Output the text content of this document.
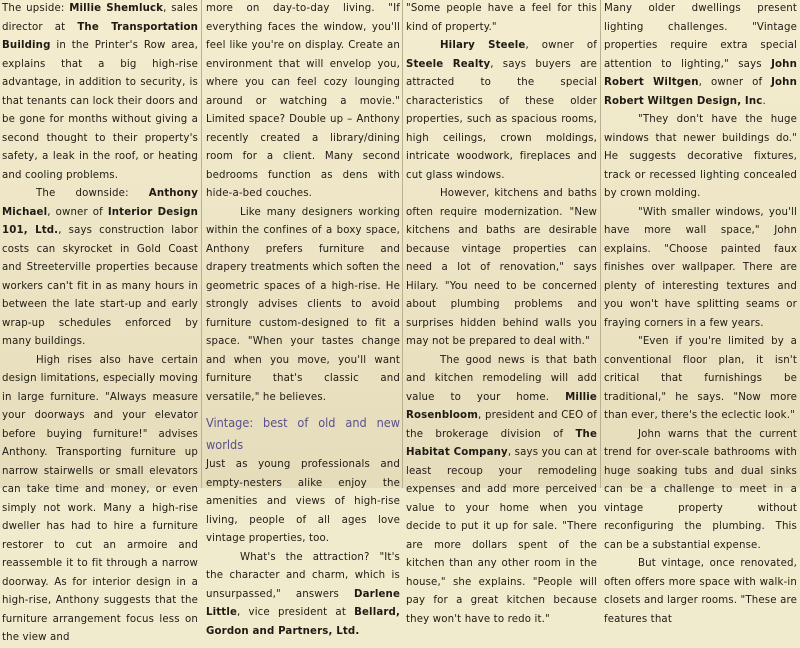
The upside: Millie Shemluck, sales director at The Transportation Building in the Printer's Row area, explains that a big high-rise advantage, in addition to security, is that tenants can lock their doors and be gone for months without giving a second thought to their property's safety, a leak in the roof, or heating and cooling problems.

The downside: Anthony Michael, owner of Interior Design 101, Ltd., says construction labor costs can skyrocket in Gold Coast and Streeterville properties because workers can't fit in as many hours in between the late start-up and early wrap-up schedules enforced by many buildings.

High rises also have certain design limitations, especially moving in large furniture. "Always measure your doorways and your elevator before buying furniture!" advises Anthony. Transporting furniture up narrow stairwells or small elevators can take time and money, or even simply not work. Many a high-rise dweller has had to hire a furniture restorer to cut an armoire and reassemble it to fit through a narrow doorway. As for interior design in a high-rise, Anthony suggests that the furniture arrangement focus less on the view and

more on day-to-day living. "If everything faces the window, you'll feel like you're on display. Create an environment that will envelop you, where you can feel cozy lounging around or watching a movie." Limited space? Double up – Anthony recently created a library/dining room for a client. Many second bedrooms function as dens with hide-a-bed couches.

Like many designers working within the confines of a boxy space, Anthony prefers furniture and drapery treatments which soften the geometric spaces of a high-rise. He strongly advises clients to avoid furniture custom-designed to fit a space. "When your tastes change and when you move, you'll want furniture that's classic and versatile," he believes.

Vintage: best of old and new worlds

Just as young professionals and empty-nesters alike enjoy the amenities and views of high-rise living, people of all ages love vintage properties, too.

What's the attraction? "It's the character and charm, which is unsurpassed," answers Darlene Little, vice president at Bellard, Gordon and Partners, Ltd.

"Some people have a feel for this kind of property."

Hilary Steele, owner of Steele Realty, says buyers are attracted to the special characteristics of these older properties, such as spacious rooms, high ceilings, crown moldings, intricate woodwork, fireplaces and cut glass windows.

However, kitchens and baths often require modernization. "New kitchens and baths are desirable because vintage properties can need a lot of renovation," says Hilary. "You need to be concerned about plumbing problems and surprises hidden behind walls you may not be prepared to deal with."

The good news is that bath and kitchen remodeling will add value to your home. Millie Rosenbloom, president and CEO of the brokerage division of The Habitat Company, says you can at least recoup your remodeling expenses and add more perceived value to your home when you decide to put it up for sale. "There are more dollars spent of the kitchen than any other room in the house," she explains. "People will pay for a great kitchen because they won't have to redo it."

Many older dwellings present lighting challenges. "Vintage properties require extra special attention to lighting," says John Robert Wiltgen, owner of John Robert Wiltgen Design, Inc.

"They don't have the huge windows that newer buildings do." He suggests decorative fixtures, track or recessed lighting concealed by crown molding.

"With smaller windows, you'll have more wall space," John explains. "Choose painted faux finishes over wallpaper. There are plenty of interesting textures and you won't have splitting seams or fraying corners in a few years.

"Even if you're limited by a conventional floor plan, it isn't critical that furnishings be traditional," he says. "Now more than ever, there's the eclectic look."

John warns that the current trend for over-scale bathrooms with huge soaking tubs and dual sinks can be a challenge to meet in a vintage property without reconfiguring the plumbing. This can be a substantial expense.

But vintage, once renovated, often offers more space with walk-in closets and larger rooms. "These are features that
